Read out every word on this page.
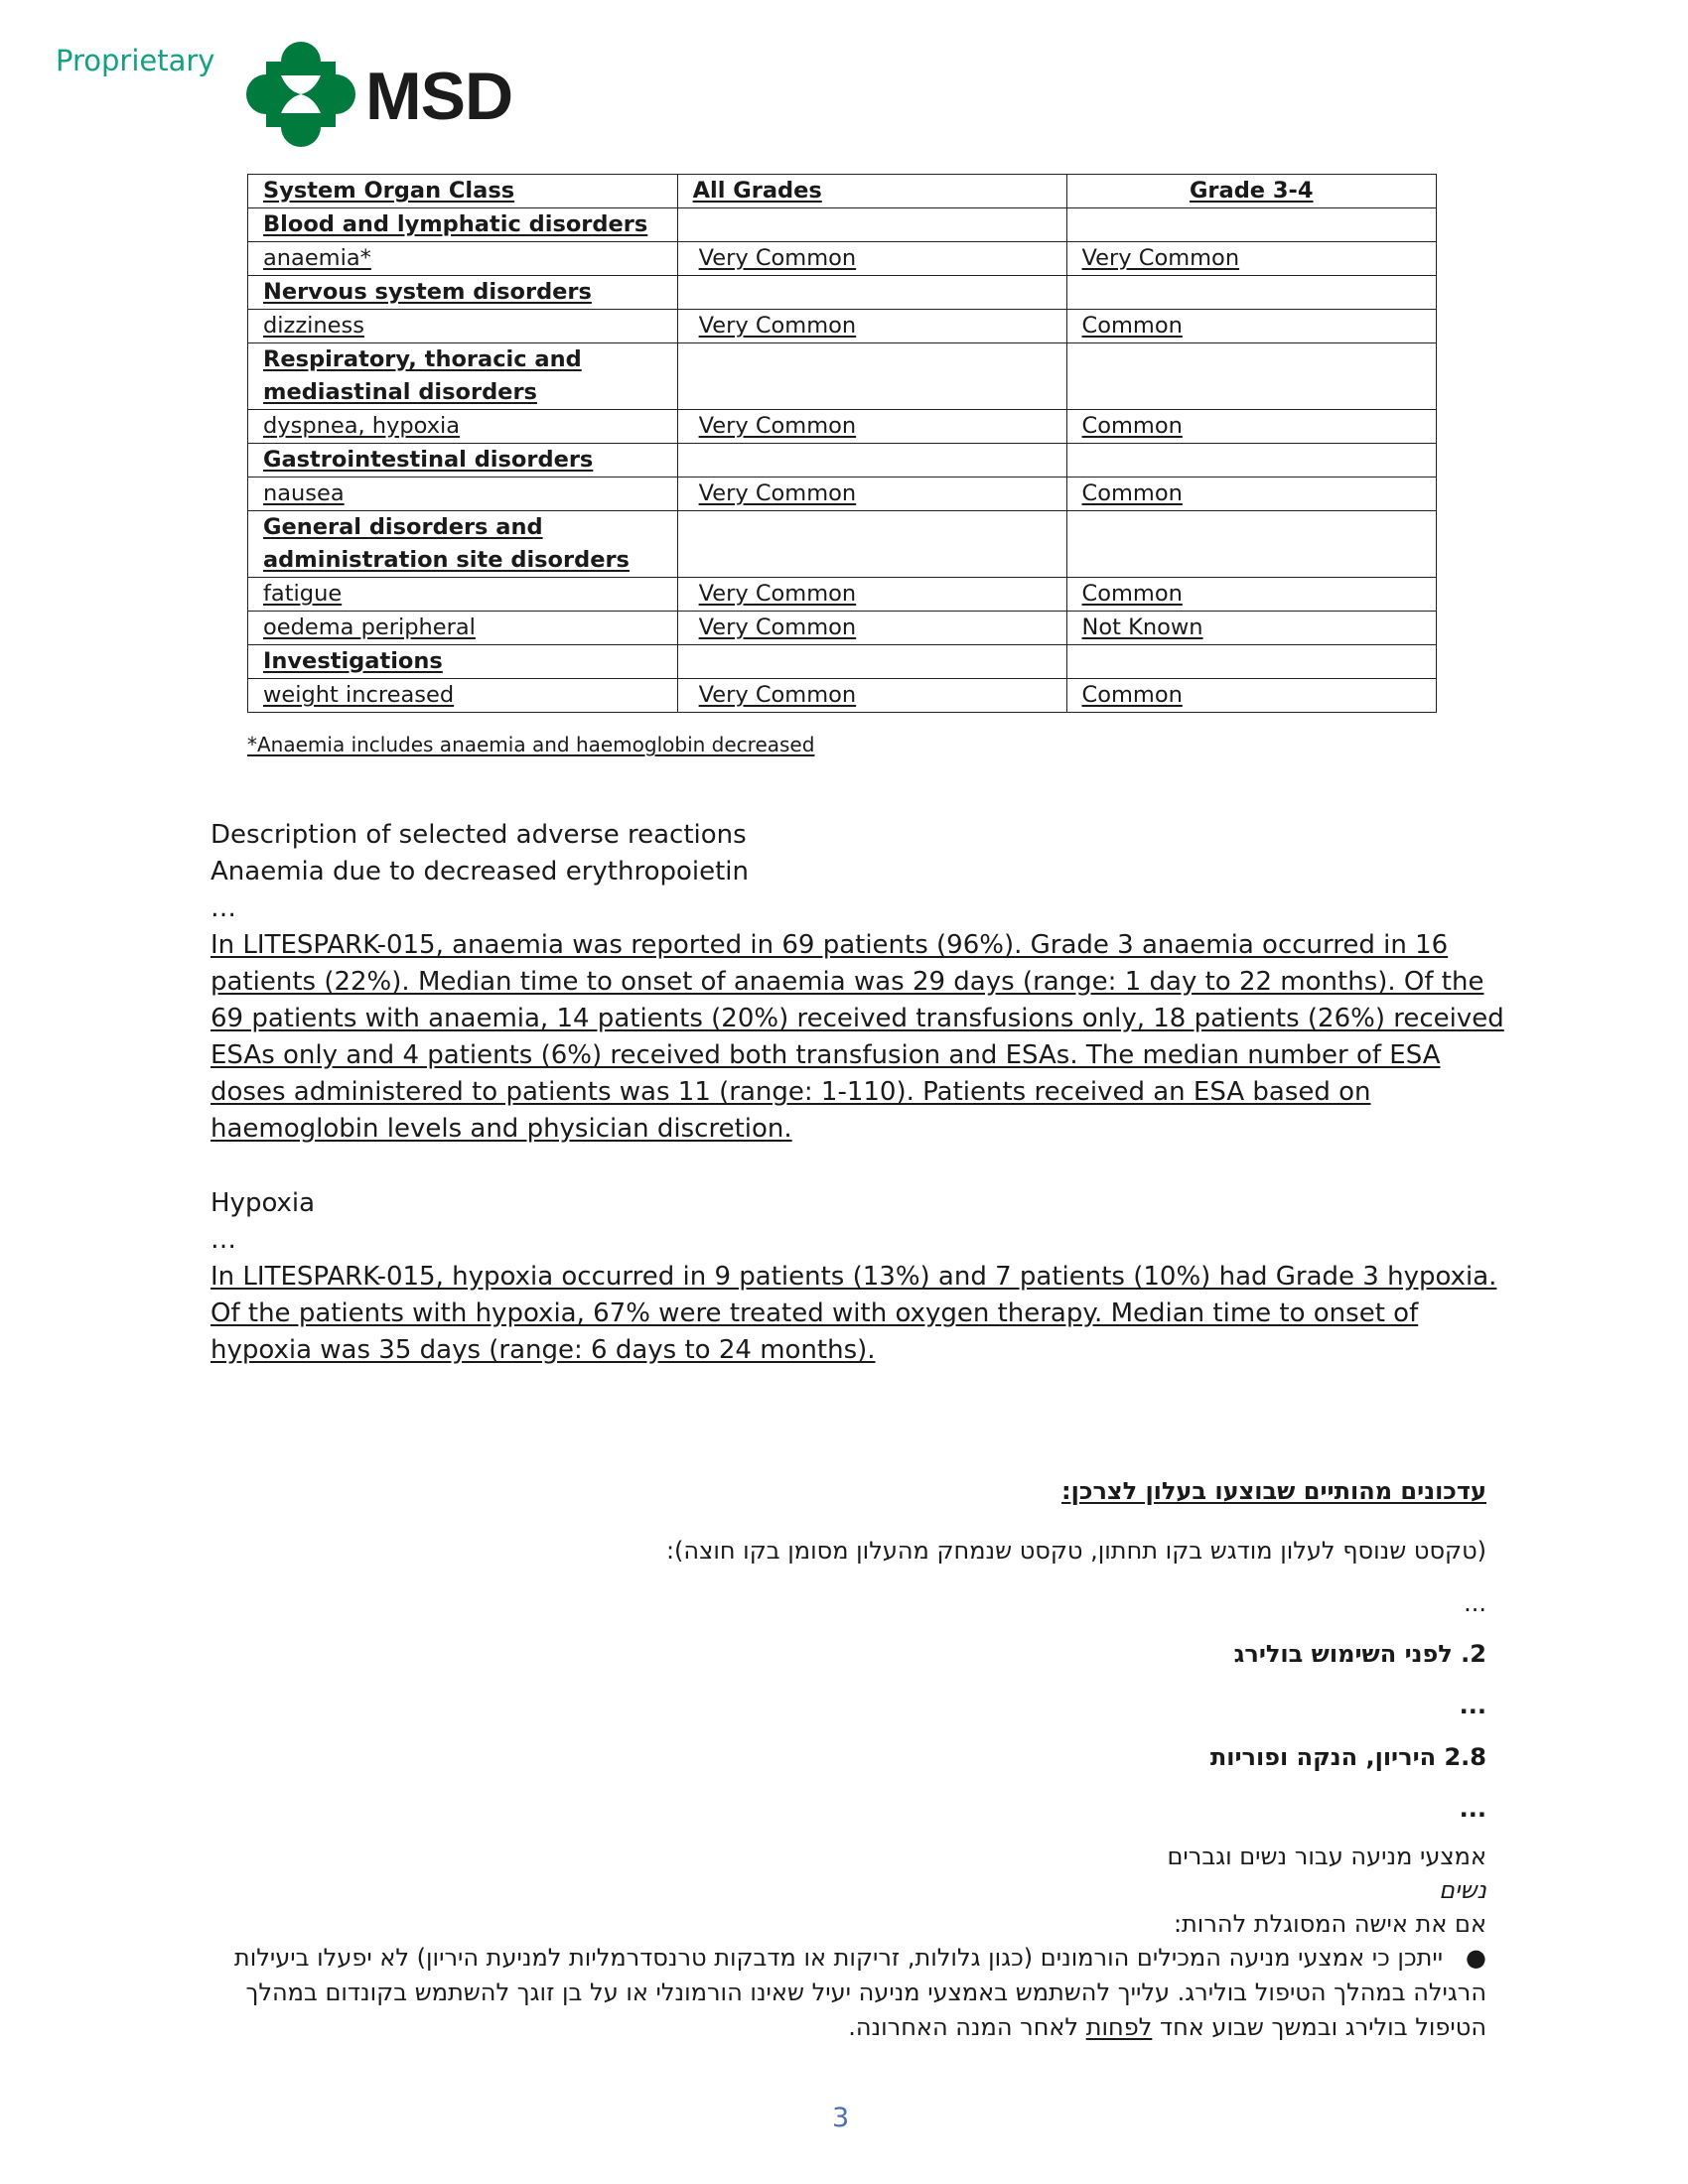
Proprietary MSD
System Organ Class	All Grades	Grade 3-4
Blood and lymphatic disorders		
anaemia*	Very Common	Very Common
Nervous system disorders		
dizziness	Very Common	Common
Respiratory, thoracic and
mediastinal disorders		
dyspnea, hypoxia	Very Common	Common
Gastrointestinal disorders		
nausea	Very Common	Common
General disorders and
administration site disorders		
fatigue	Very Common	Common
oedema peripheral	Very Common	Not Known
Investigations		
weight increased	Very Common	Common
*Anaemia includes anaemia and haemoglobin decreased
Description of selected adverse reactions
Anaemia due to decreased erythropoietin
…
In LITESPARK-015, anaemia was reported in 69 patients (96%). Grade 3 anaemia occurred in 16
patients (22%). Median time to onset of anaemia was 29 days (range: 1 day to 22 months). Of the
69 patients with anaemia, 14 patients (20%) received transfusions only, 18 patients (26%) received
ESAs only and 4 patients (6%) received both transfusion and ESAs. The median number of ESA
doses administered to patients was 11 (range: 1-110). Patients received an ESA based on
haemoglobin levels and physician discretion.
Hypoxia
…
In LITESPARK-015, hypoxia occurred in 9 patients (13%) and 7 patients (10%) had Grade 3 hypoxia.
Of the patients with hypoxia, 67% were treated with oxygen therapy. Median time to onset of
hypoxia was 35 days (range: 6 days to 24 months).
עדכונים מהותיים שבוצעו בעלון לצרכן:
(טקסט שנוסף לעלון מודגש בקו תחתון, טקסט שנמחק מהעלון מסומן בקו חוצה):
...
2. לפני השימוש בולירג
...
2.8 היריון, הנקה ופוריות
...
אמצעי מניעה עבור נשים וגברים
נשים
אם את אישה המסוגלת להרות:
●   ייתכן כי אמצעי מניעה המכילים הורמונים (כגון גלולות, זריקות או מדבקות טרנסדרמליות למניעת היריון) לא יפעלו ביעילות הרגילה במהלך הטיפול בולירג. עלייך להשתמש באמצעי מניעה יעיל שאינו הורמונלי או על בן זוגך להשתמש בקונדום במהלך הטיפול בולירג ובמשך שבוע אחד לפחות לאחר המנה האחרונה.
3
